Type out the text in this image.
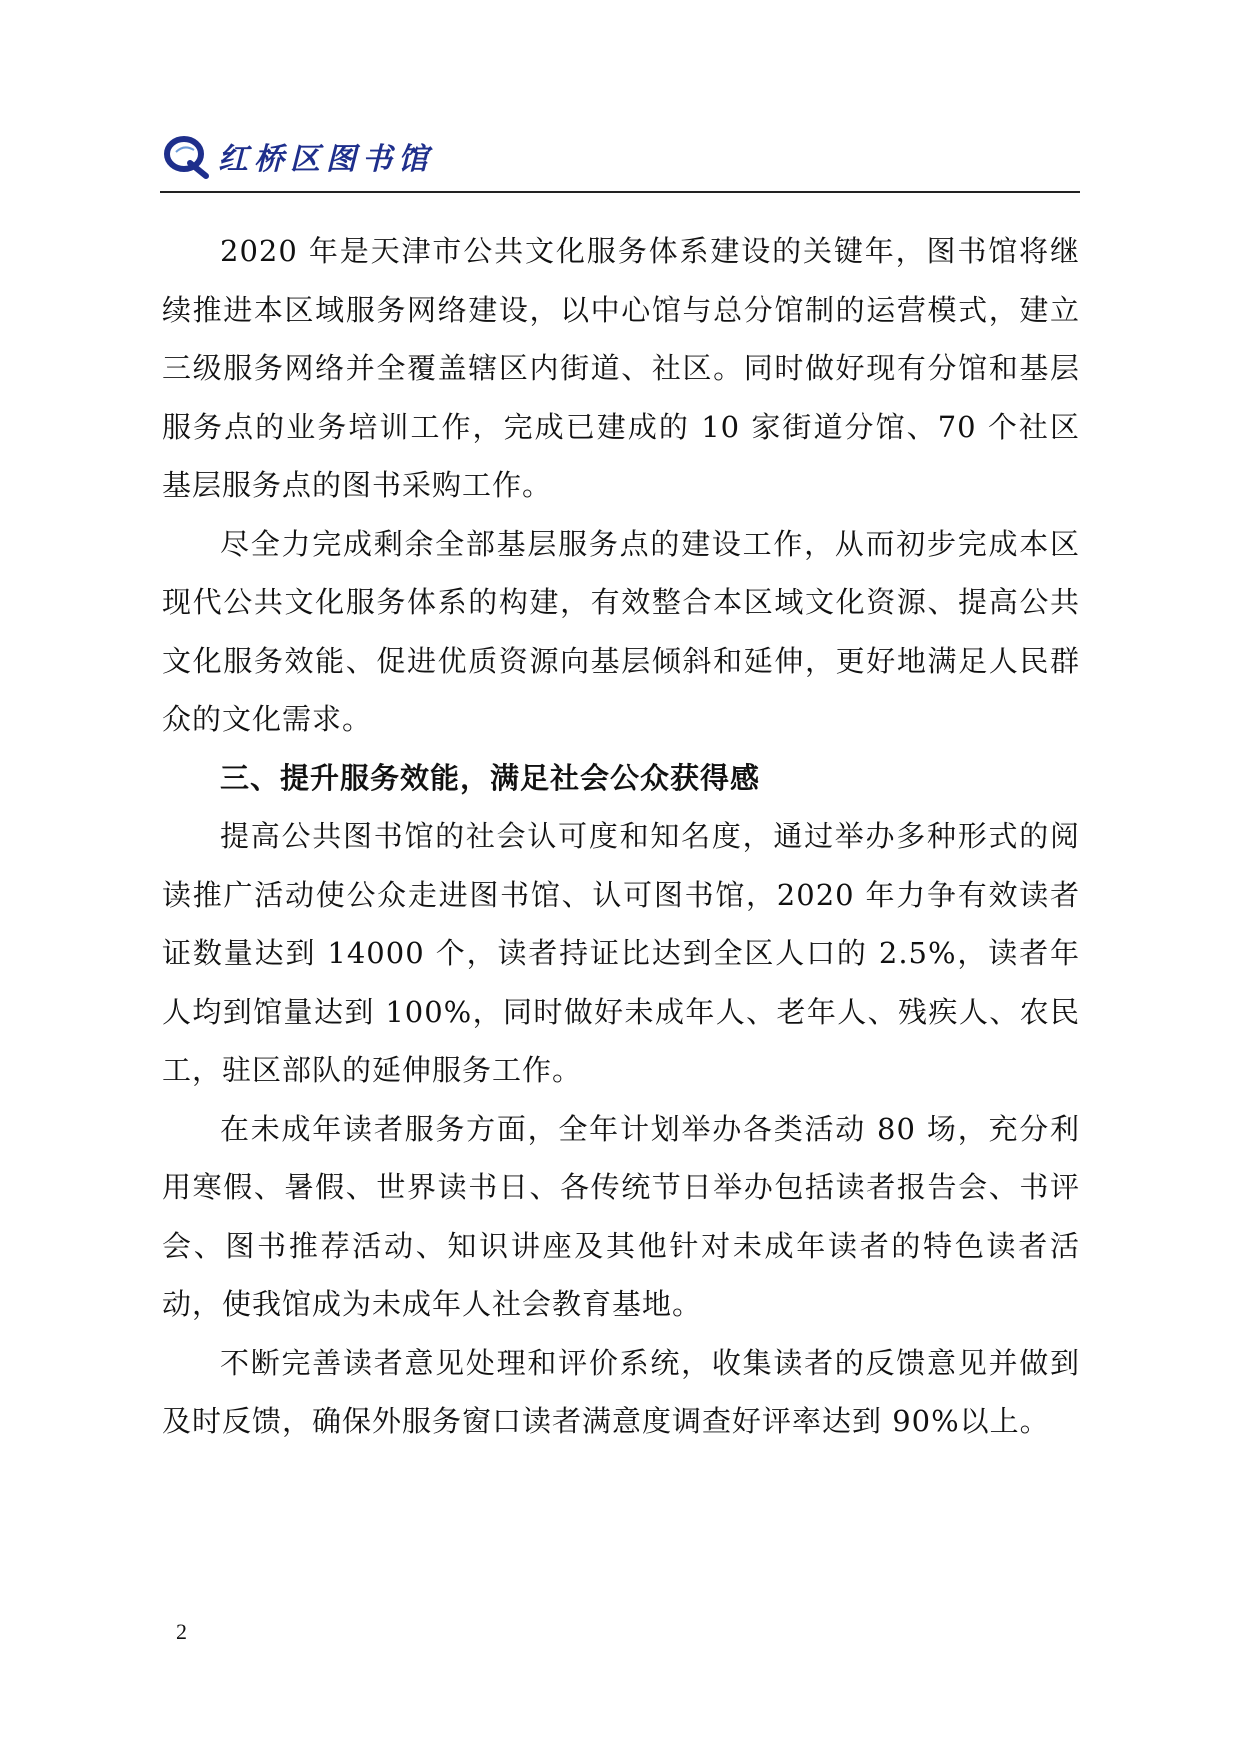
红桥区图书馆

2020 年是天津市公共文化服务体系建设的关键年，图书馆将继续推进本区域服务网络建设，以中心馆与总分馆制的运营模式，建立三级服务网络并全覆盖辖区内街道、社区。同时做好现有分馆和基层服务点的业务培训工作，完成已建成的 10 家街道分馆、70 个社区基层服务点的图书采购工作。

尽全力完成剩余全部基层服务点的建设工作，从而初步完成本区现代公共文化服务体系的构建，有效整合本区域文化资源、提高公共文化服务效能、促进优质资源向基层倾斜和延伸，更好地满足人民群众的文化需求。

三、提升服务效能，满足社会公众获得感

提高公共图书馆的社会认可度和知名度，通过举办多种形式的阅读推广活动使公众走进图书馆、认可图书馆，2020 年力争有效读者证数量达到 14000 个，读者持证比达到全区人口的 2.5%，读者年人均到馆量达到 100%，同时做好未成年人、老年人、残疾人、农民工，驻区部队的延伸服务工作。

在未成年读者服务方面，全年计划举办各类活动 80 场，充分利用寒假、暑假、世界读书日、各传统节日举办包括读者报告会、书评会、图书推荐活动、知识讲座及其他针对未成年读者的特色读者活动，使我馆成为未成年人社会教育基地。

不断完善读者意见处理和评价系统，收集读者的反馈意见并做到及时反馈，确保外服务窗口读者满意度调查好评率达到 90%以上。

2
